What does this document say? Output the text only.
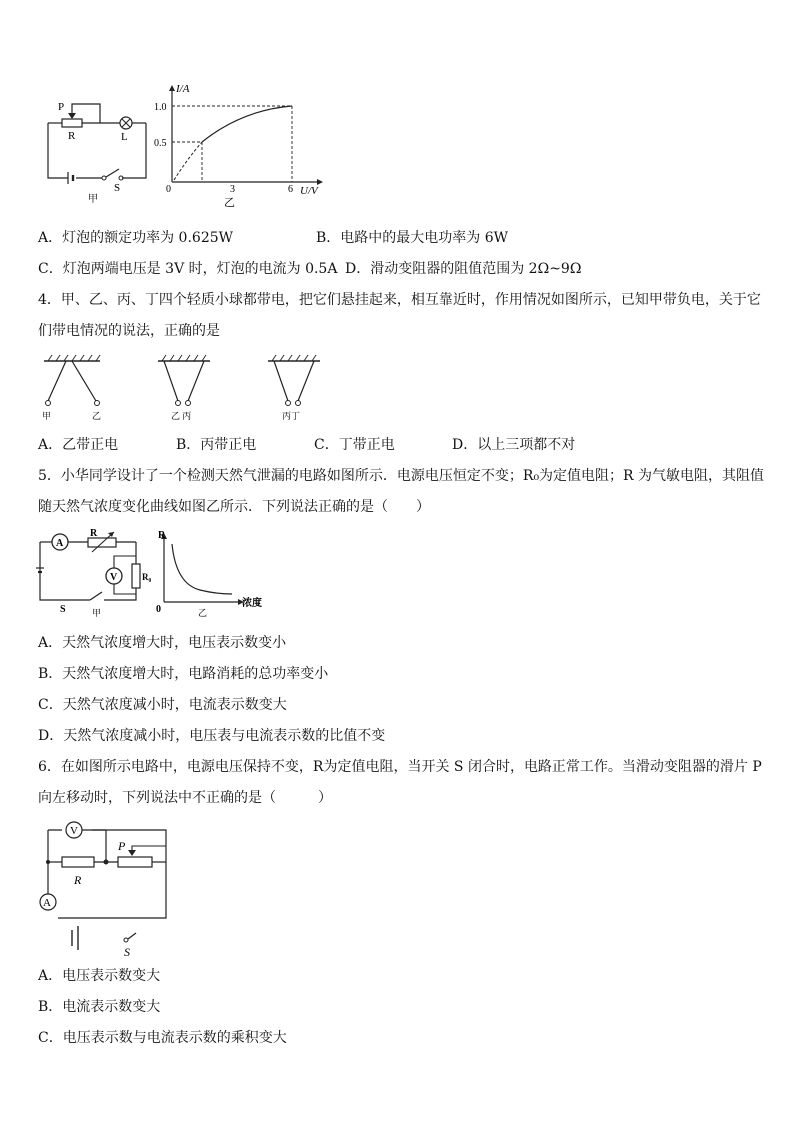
P
R	L
S
甲
I/A
1.0
0.5
0	3	6 U/V
乙
A．灯泡的额定功率为 0.625W	B．电路中的最大电功率为 6W
C．灯泡两端电压是 3V 时，灯泡的电流为 0.5A D．滑动变阻器的阻值范围为 2Ω~9Ω
4．甲、乙、丙、丁四个轻质小球都带电，把它们悬挂起来，相互靠近时，作用情况如图所示，已知甲带负电，关于它
们带电情况的说法，正确的是
甲	乙	乙 丙	丙丁
A．乙带正电	B．丙带正电	C．丁带正电	D．以上三项都不对
5．小华同学设计了一个检测天然气泄漏的电路如图所示．电源电压恒定不变；R₀为定值电阻；R 为气敏电阻，其阻值
随天然气浓度变化曲线如图乙所示．下列说法正确的是（　　）
A
R
R₀
V
S	甲
R
0
浓度
乙
A．天然气浓度增大时，电压表示数变小
B．天然气浓度增大时，电路消耗的总功率变小
C．天然气浓度减小时，电流表示数变大
D．天然气浓度减小时，电压表与电流表示数的比值不变
6．在如图所示电路中，电源电压保持不变，R为定值电阻，当开关 S 闭合时，电路正常工作。当滑动变阻器的滑片 P
向左移动时，下列说法中不正确的是（　　　）
V
P
R
A
S
A．电压表示数变大
B．电流表示数变大
C．电压表示数与电流表示数的乘积变大
